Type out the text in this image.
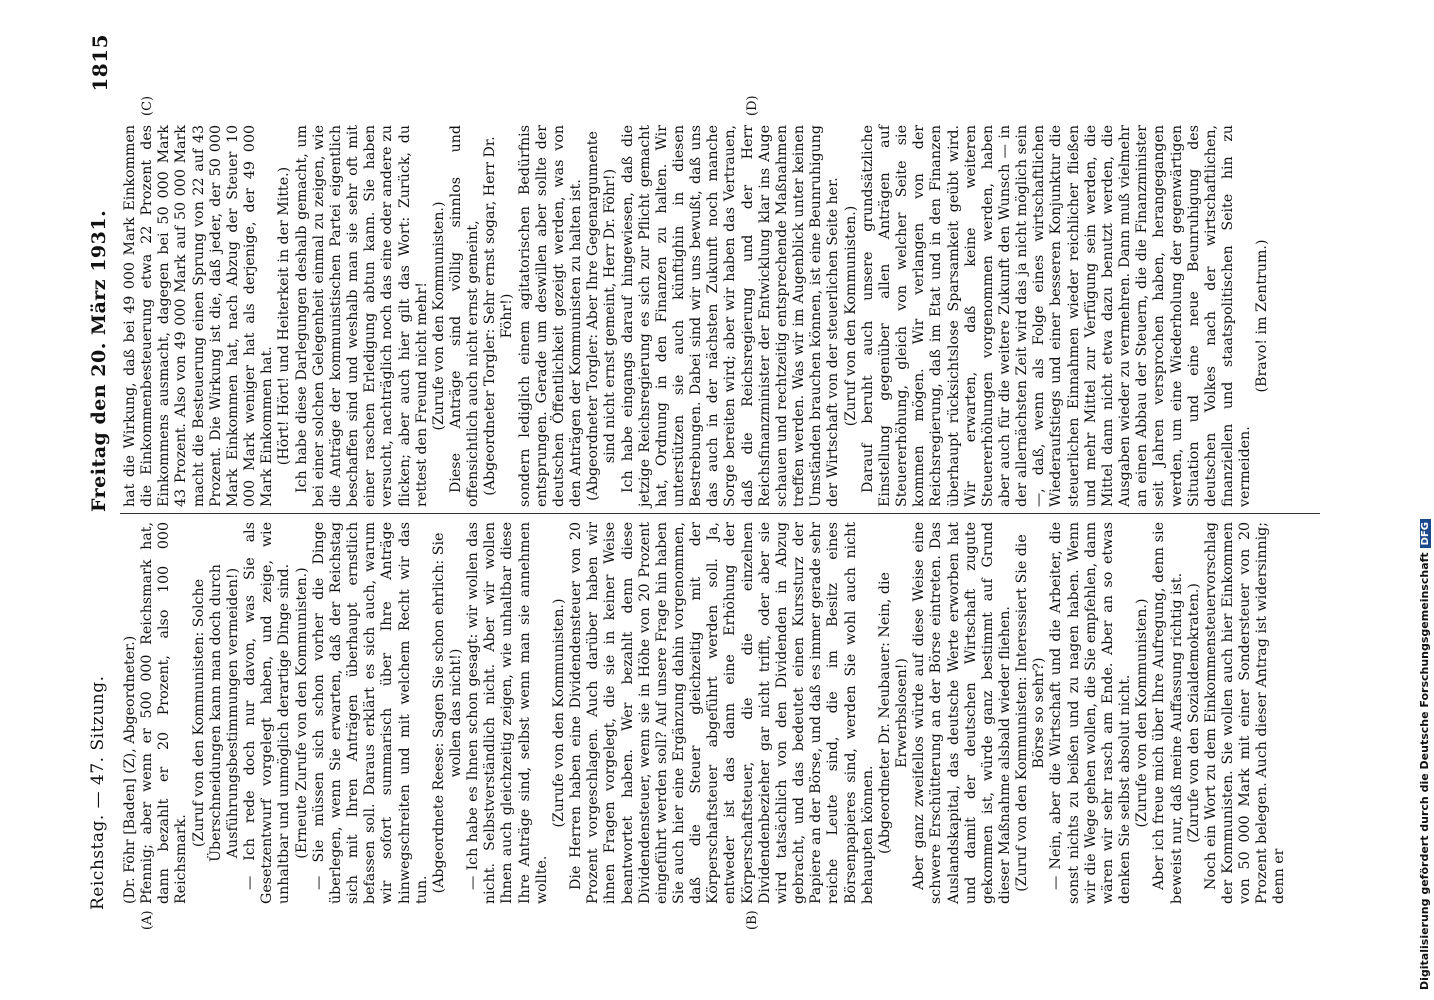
Reichstag. — 47. Sitzung.
Freitag den 20. März 1931.
1815
(A)	(B)
(C)	(D)

(Dr. Föhr [Baden] (Z), Abgeordneter.) Pfennig; aber wenn er 500 000 Reichsmark hat, dann bezahlt er 20 Prozent, also 100 000 Reichsmark.

(Zuruf von den Kommunisten: Solche Überschneidungen kann man doch durch Ausführungsbestimmungen vermeiden!) — Ich rede doch nur davon, was Sie als Gesetzentwurf vorgelegt haben, und zeige, wie unhaltbar und unmöglich derartige Dinge sind. (Erneute Zurufe von den Kommunisten.) — Sie müssen sich schon vorher die Dinge überlegen, wenn Sie erwarten, daß der Reichstag sich mit Ihren Anträgen überhaupt ernstlich befassen soll. Daraus erklärt es sich auch, warum wir sofort summarisch über Ihre Anträge hinwegschreiten und mit welchem Recht wir das tun. (Abgeordnete Reese: Sagen Sie schon ehrlich: Sie wollen das nicht!) — Ich habe es Ihnen schon gesagt: wir wollen das nicht. Selbstverständlich nicht. Aber wir wollen Ihnen auch gleichzeitig zeigen, wie unhaltbar diese Ihre Anträge sind, selbst wenn man sie annehmen wollte.

(Zurufe von den Kommunisten.) Die Herren haben eine Dividendensteuer von 20 Prozent vorgeschlagen. Auch darüber haben wir ihnen Fragen vorgelegt, die sie in keiner Weise beantwortet haben. Wer bezahlt denn diese Dividendensteuer, wenn sie in Höhe von 20 Prozent eingeführt werden soll? Auf unsere Frage hin haben Sie auch hier eine Ergänzung dahin vorgenommen, daß die Steuer gleichzeitig mit der Körperschaftsteuer abgeführt werden soll. Ja, entweder ist das dann eine Erhöhung der Körperschaftsteuer, die die einzelnen Dividendenbezieher gar nicht trifft, oder aber sie wird tatsächlich von den Dividenden in Abzug gebracht, und das bedeutet einen Kurssturz der Papiere an der Börse, und daß es immer gerade sehr reiche Leute sind, die im Besitz eines Börsenpapieres sind, werden Sie wohl auch nicht behaupten können. (Abgeordneter Dr. Neubauer: Nein, die Erwerbslosen!) Aber ganz zweifellos würde auf diese Weise eine schwere Erschütterung an der Börse eintreten. Das Auslandskapital, das deutsche Werte erworben hat und damit der deutschen Wirtschaft zugute gekommen ist, würde ganz bestimmt auf Grund dieser Maßnahme alsbald wieder fliehen. (Zuruf von den Kommunisten: Interessiert Sie die Börse so sehr?) — Nein, aber die Wirtschaft und die Arbeiter, die sonst nichts zu beißen und zu nagen haben. Wenn wir die Wege gehen wollen, die Sie empfehlen, dann wären wir sehr rasch am Ende. Aber an so etwas denken Sie selbst absolut nicht. (Zurufe von den Kommunisten.) Aber ich freue mich über Ihre Aufregung, denn sie beweist nur, daß meine Auffassung richtig ist. (Zurufe von den Sozialdemokraten.) Noch ein Wort zu dem Einkommensteuervorschlag der Kommunisten. Sie wollen auch hier Einkommen von 50 000 Mark mit einer Sondersteuer von 20 Prozent belegen. Auch dieser Antrag ist widersinnig; denn er

hat die Wirkung, daß bei 49 000 Mark Einkommen die Einkommenbesteuerung etwa 22 Prozent des Einkommens ausmacht, dagegen bei 50 000 Mark 43 Prozent. Also von 49 000 Mark auf 50 000 Mark macht die Besteuerung einen Sprung von 22 auf 43 Prozent. Die Wirkung ist die, daß jeder, der 50 000 Mark Einkommen hat, nach Abzug der Steuer 10 000 Mark weniger hat als derjenige, der 49 000 Mark Einkommen hat. (Hört! Hört! und Heiterkeit in der Mitte.) Ich habe diese Darlegungen deshalb gemacht, um bei einer solchen Gelegenheit einmal zu zeigen, wie die Anträge der kommunistischen Partei eigentlich beschaffen sind und weshalb man sie sehr oft mit einer raschen Erledigung abtun kann. Sie haben versucht, nachträglich noch das eine oder andere zu flicken; aber auch hier gilt das Wort: Zurück, du rettest den Freund nicht mehr! (Zurufe von den Kommunisten.) Diese Anträge sind völlig sinnlos und offensichtlich auch nicht ernst gemeint, (Abgeordneter Torgler: Sehr ernst sogar, Herr Dr. Föhr!) sondern lediglich einem agitatorischen Bedürfnis entsprungen. Gerade um deswillen aber sollte der deutschen Öffentlichkeit gezeigt werden, was von den Anträgen der Kommunisten zu halten ist. (Abgeordneter Torgler: Aber Ihre Gegenargumente sind nicht ernst gemeint, Herr Dr. Föhr!) Ich habe eingangs darauf hingewiesen, daß die jetzige Reichsregierung es sich zur Pflicht gemacht hat, Ordnung in den Finanzen zu halten. Wir unterstützen sie auch künftighin in diesen Bestrebungen. Dabei sind wir uns bewußt, daß uns das auch in der nächsten Zukunft noch manche Sorge bereiten wird; aber wir haben das Vertrauen, daß die Reichsregierung und der Herr Reichsfinanzminister der Entwicklung klar ins Auge schauen und rechtzeitig entsprechende Maßnahmen treffen werden. Was wir im Augenblick unter keinen Umständen brauchen können, ist eine Beunruhigung der Wirtschaft von der steuerlichen Seite her. (Zuruf von den Kommunisten.) Darauf beruht auch unsere grundsätzliche Einstellung gegenüber allen Anträgen auf Steuererhöhung, gleich von welcher Seite sie kommen mögen. Wir verlangen von der Reichsregierung, daß im Etat und in den Finanzen überhaupt rücksichtslose Sparsamkeit geübt wird. Wir erwarten, daß keine weiteren Steuererhöhungen vorgenommen werden, haben aber auch für die weitere Zukunft den Wunsch — in der allernächsten Zeit wird das ja nicht möglich sein —, daß, wenn als Folge eines wirtschaftlichen Wiederaufstiegs und einer besseren Konjunktur die steuerlichen Einnahmen wieder reichlicher fließen und mehr Mittel zur Verfügung sein werden, die Mittel dann nicht etwa dazu benutzt werden, die Ausgaben wieder zu vermehren. Dann muß vielmehr an einen Abbau der Steuern, die die Finanzminister seit Jahren versprochen haben, herangegangen werden, um eine Wiederholung der gegenwärtigen Situation und eine neue Beunruhigung des deutschen Volkes nach der wirtschaftlichen, finanziellen und staatspolitischen Seite hin zu vermeiden.

(Bravo! im Zentrum.)

Digitalisierung gefördert durch die Deutsche ForschungsgemeinschaftDFG
